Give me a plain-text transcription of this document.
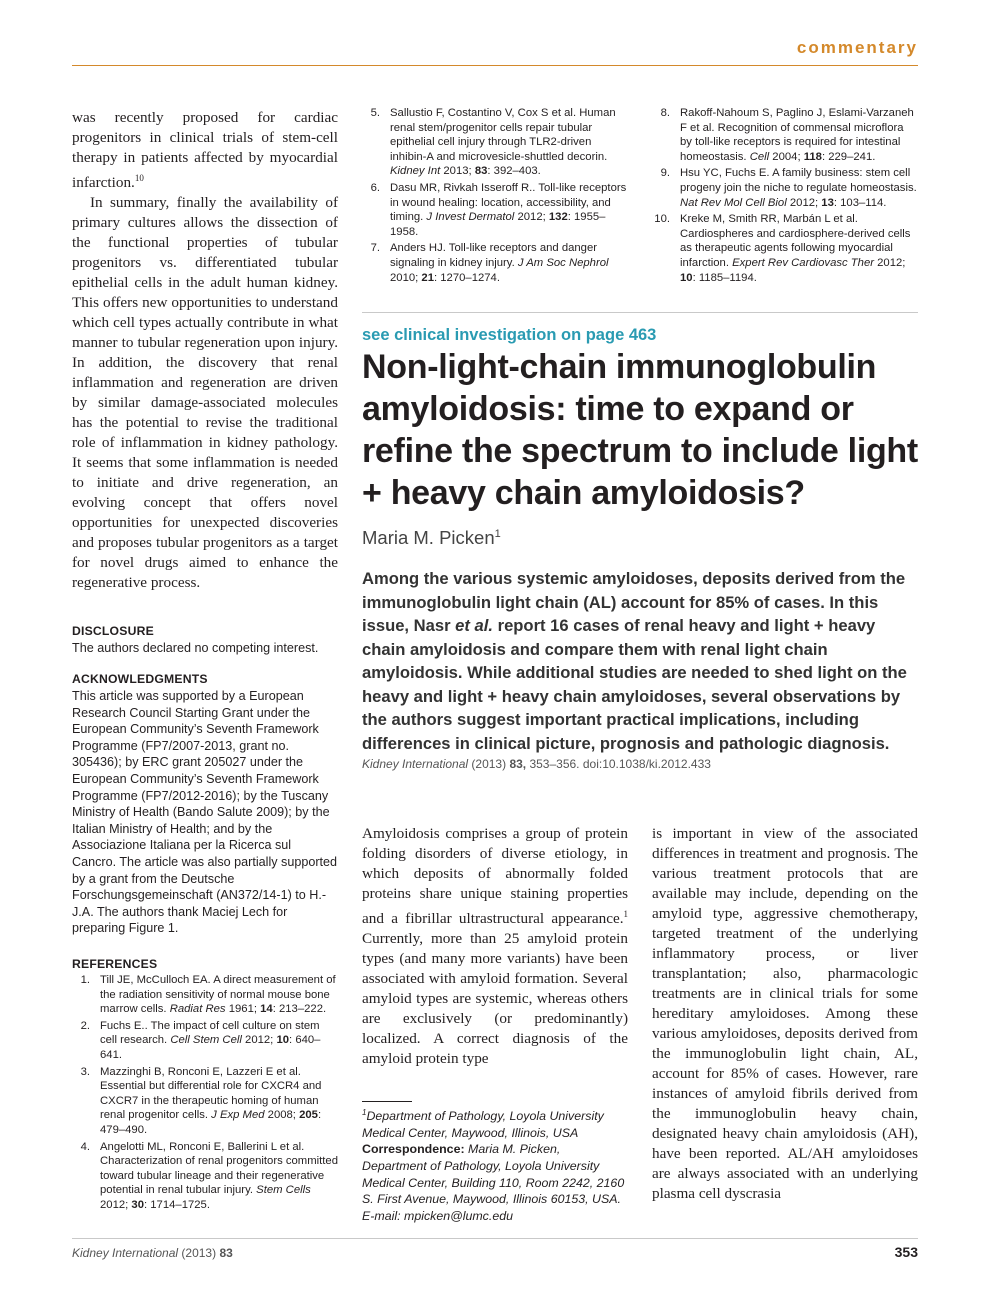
commentary

was recently proposed for cardiac progenitors in clinical trials of stem-cell therapy in patients affected by myocardial infarction.$^{10}$

In summary, finally the availability of primary cultures allows the dissection of the functional properties of tubular progenitors vs. differentiated tubular epithelial cells in the adult human kidney. This offers new opportunities to understand which cell types actually contribute in what manner to tubular regeneration upon injury. In addition, the discovery that renal inflammation and regeneration are driven by similar damage-associated molecules has the potential to revise the traditional role of inflammation in kidney pathology. It seems that some inflammation is needed to initiate and drive regeneration, an evolving concept that offers novel opportunities for unexpected discoveries and proposes tubular progenitors as a target for novel drugs aimed to enhance the regenerative process.

DISCLOSURE
The authors declared no competing interest.
ACKNOWLEDGMENTS
This article was supported by a European Research Council Starting Grant under the European Community’s Seventh Framework Programme (FP7/2007-2013, grant no. 305436); by ERC grant 205027 under the European Community’s Seventh Framework Programme (FP7/2012-2016); by the Tuscany Ministry of Health (Bando Salute 2009); by the Italian Ministry of Health; and by the Associazione Italiana per la Ricerca sul Cancro. The article was also partially supported by a grant from the Deutsche Forschungsgemeinschaft (AN372/14-1) to H.-J.A. The authors thank Maciej Lech for preparing Figure 1.
REFERENCES
1. Till JE, McCulloch EA. A direct measurement of the radiation sensitivity of normal mouse bone marrow cells. Radiat Res 1961; 14: 213–222.
2. Fuchs E.. The impact of cell culture on stem cell research. Cell Stem Cell 2012; 10: 640–641.
3. Mazzinghi B, Ronconi E, Lazzeri E et al. Essential but differential role for CXCR4 and CXCR7 in the therapeutic homing of human renal progenitor cells. J Exp Med 2008; 205: 479–490.
4. Angelotti ML, Ronconi E, Ballerini L et al. Characterization of renal progenitors committed toward tubular lineage and their regenerative potential in renal tubular injury. Stem Cells 2012; 30: 1714–1725.
5. Sallustio F, Costantino V, Cox S et al. Human renal stem/progenitor cells repair tubular epithelial cell injury through TLR2-driven inhibin-A and microvesicle-shuttled decorin. Kidney Int 2013; 83: 392–403.
6. Dasu MR, Rivkah Isseroff R.. Toll-like receptors in wound healing: location, accessibility, and timing. J Invest Dermatol 2012; 132: 1955–1958.
7. Anders HJ. Toll-like receptors and danger signaling in kidney injury. J Am Soc Nephrol 2010; 21: 1270–1274.
8. Rakoff-Nahoum S, Paglino J, Eslami-Varzaneh F et al. Recognition of commensal microflora by toll-like receptors is required for intestinal homeostasis. Cell 2004; 118: 229–241.
9. Hsu YC, Fuchs E. A family business: stem cell progeny join the niche to regulate homeostasis. Nat Rev Mol Cell Biol 2012; 13: 103–114.
10. Kreke M, Smith RR, Marbán L et al. Cardiospheres and cardiosphere-derived cells as therapeutic agents following myocardial infarction. Expert Rev Cardiovasc Ther 2012; 10: 1185–1194.
see clinical investigation on page 463
Non-light-chain immunoglobulin amyloidosis: time to expand or refine the spectrum to include light + heavy chain amyloidosis?
Maria M. Picken$^1$
Among the various systemic amyloidoses, deposits derived from the immunoglobulin light chain (AL) account for 85% of cases. In this issue, Nasr et al. report 16 cases of renal heavy and light + heavy chain amyloidosis and compare them with renal light chain amyloidosis. While additional studies are needed to shed light on the heavy and light + heavy chain amyloidoses, several observations by the authors suggest important practical implications, including differences in clinical picture, prognosis and pathologic diagnosis.
Kidney International (2013) 83, 353–356. doi:10.1038/ki.2012.433
Amyloidosis comprises a group of protein folding disorders of diverse etiology, in which deposits of abnormally folded proteins share unique staining properties and a fibrillar ultrastructural appearance.$^1$ Currently, more than 25 amyloid protein types (and many more variants) have been associated with amyloid formation. Several amyloid types are systemic, whereas others are exclusively (or predominantly) localized. A correct diagnosis of the amyloid protein type
is important in view of the associated differences in treatment and prognosis. The various treatment protocols that are available may include, depending on the amyloid type, aggressive chemotherapy, targeted treatment of the underlying inflammatory process, or liver transplantation; also, pharmacologic treatments are in clinical trials for some hereditary amyloidoses. Among these various amyloidoses, deposits derived from the immunoglobulin light chain, AL, account for 85% of cases. However, rare instances of amyloid fibrils derived from the immunoglobulin heavy chain, designated heavy chain amyloidosis (AH), have been reported. AL/AH amyloidoses are always associated with an underlying plasma cell dyscrasia
$^1$Department of Pathology, Loyola University Medical Center, Maywood, Illinois, USA
Correspondence: Maria M. Picken, Department of Pathology, Loyola University Medical Center, Building 110, Room 2242, 2160 S. First Avenue, Maywood, Illinois 60153, USA.
E-mail: mpicken@lumc.edu
Kidney International (2013) 83	353
